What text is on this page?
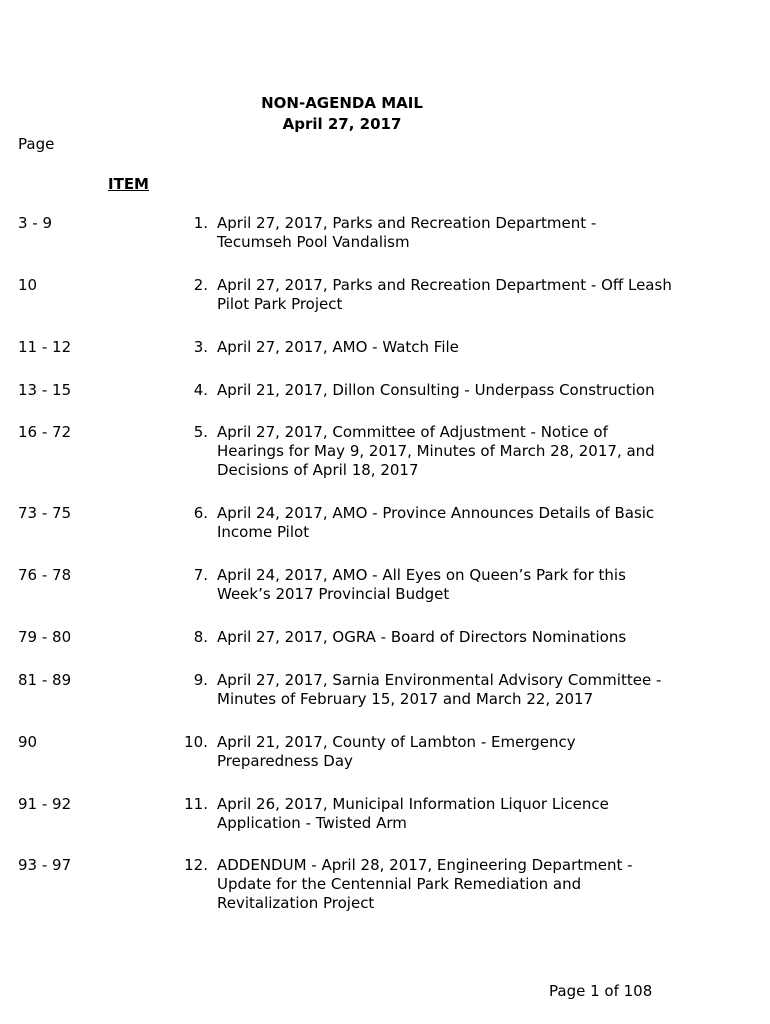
NON-AGENDA MAIL
April 27, 2017
Page
ITEM
3 - 9	1. April 27, 2017, Parks and Recreation Department - Tecumseh Pool Vandalism
10	2. April 27, 2017, Parks and Recreation Department - Off Leash Pilot Park Project
11 - 12	3. April 27, 2017, AMO - Watch File
13 - 15	4. April 21, 2017, Dillon Consulting - Underpass Construction
16 - 72	5. April 27, 2017, Committee of Adjustment - Notice of Hearings for May 9, 2017, Minutes of March 28, 2017, and Decisions of April 18, 2017
73 - 75	6. April 24, 2017, AMO - Province Announces Details of Basic Income Pilot
76 - 78	7. April 24, 2017, AMO - All Eyes on Queen’s Park for this Week’s 2017 Provincial Budget
79 - 80	8. April 27, 2017, OGRA - Board of Directors Nominations
81 - 89	9. April 27, 2017, Sarnia Environmental Advisory Committee - Minutes of February 15, 2017 and March 22, 2017
90	10. April 21, 2017, County of Lambton - Emergency Preparedness Day
91 - 92	11. April 26, 2017, Municipal Information Liquor Licence Application - Twisted Arm
93 - 97	12. ADDENDUM - April 28, 2017, Engineering Department - Update for the Centennial Park Remediation and Revitalization Project
Page 1 of 108
